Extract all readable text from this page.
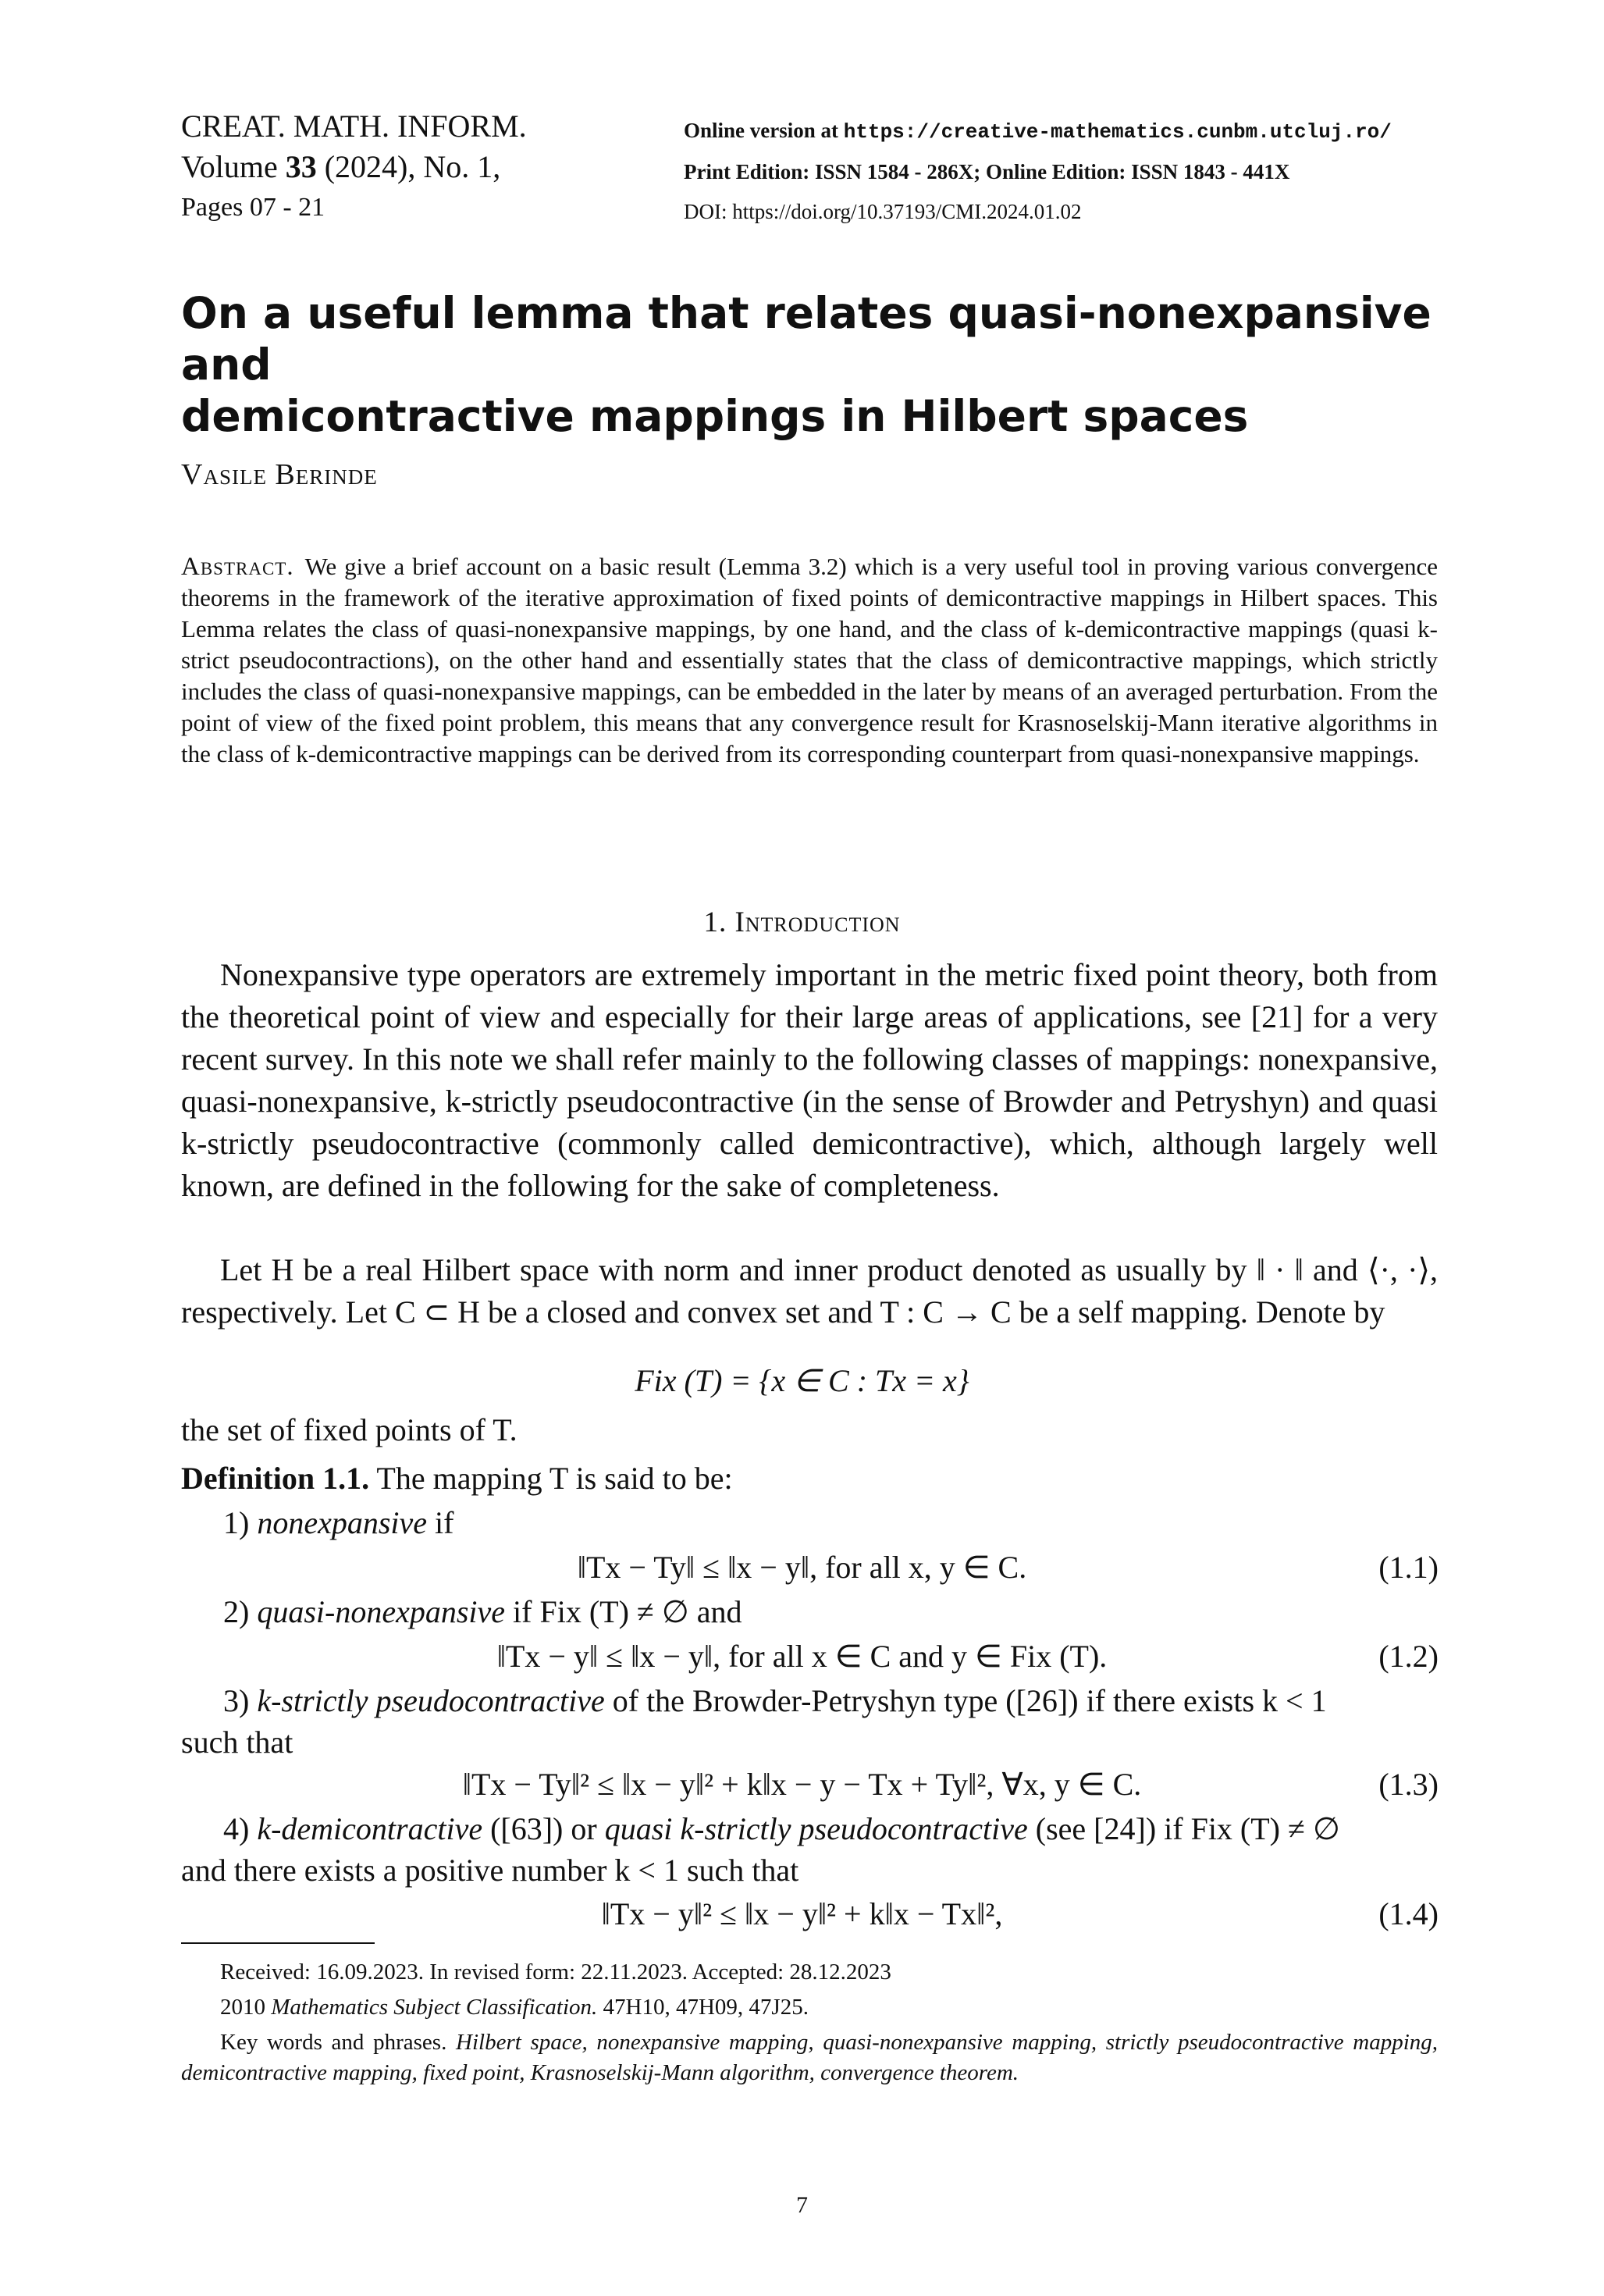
CREAT. MATH. INFORM.
Volume 33 (2024), No. 1,
Pages 07 - 21
Online version at https://creative-mathematics.cunbm.utcluj.ro/
Print Edition: ISSN 1584 - 286X; Online Edition: ISSN 1843 - 441X
DOI: https://doi.org/10.37193/CMI.2024.01.02
On a useful lemma that relates quasi-nonexpansive and
demicontractive mappings in Hilbert spaces
Vasile Berinde
Abstract. We give a brief account on a basic result (Lemma 3.2) which is a very useful tool in proving various convergence theorems in the framework of the iterative approximation of fixed points of demicontractive mappings in Hilbert spaces. This Lemma relates the class of quasi-nonexpansive mappings, by one hand, and the class of k-demicontractive mappings (quasi k-strict pseudocontractions), on the other hand and essentially states that the class of demicontractive mappings, which strictly includes the class of quasi-nonexpansive mappings, can be embedded in the later by means of an averaged perturbation. From the point of view of the fixed point problem, this means that any convergence result for Krasnoselskij-Mann iterative algorithms in the class of k-demicontractive mappings can be derived from its corresponding counterpart from quasi-nonexpansive mappings.
1. Introduction
Nonexpansive type operators are extremely important in the metric fixed point theory, both from the theoretical point of view and especially for their large areas of applications, see [21] for a very recent survey. In this note we shall refer mainly to the following classes of mappings: nonexpansive, quasi-nonexpansive, k-strictly pseudocontractive (in the sense of Browder and Petryshyn) and quasi k-strictly pseudocontractive (commonly called demicontractive), which, although largely well known, are defined in the following for the sake of completeness.
Let H be a real Hilbert space with norm and inner product denoted as usually by ‖ · ‖ and ⟨·, ·⟩, respectively. Let C ⊂ H be a closed and convex set and T : C → C be a self mapping. Denote by
Fix (T) = {x ∈ C : Tx = x}
the set of fixed points of T.
Definition 1.1. The mapping T is said to be:
1) nonexpansive if
‖Tx − Ty‖ ≤ ‖x − y‖, for all x, y ∈ C.	(1.1)
2) quasi-nonexpansive if Fix (T) ≠ ∅ and
‖Tx − y‖ ≤ ‖x − y‖, for all x ∈ C and y ∈ Fix (T).	(1.2)
3) k-strictly pseudocontractive of the Browder-Petryshyn type ([26]) if there exists k < 1
such that
‖Tx − Ty‖² ≤ ‖x − y‖² + k‖x − y − Tx + Ty‖², ∀x, y ∈ C.	(1.3)
4) k-demicontractive ([63]) or quasi k-strictly pseudocontractive (see [24]) if Fix (T) ≠ ∅
and there exists a positive number k < 1 such that
‖Tx − y‖² ≤ ‖x − y‖² + k‖x − Tx‖²,	(1.4)
Received: 16.09.2023. In revised form: 22.11.2023. Accepted: 28.12.2023
2010 Mathematics Subject Classification. 47H10, 47H09, 47J25.
Key words and phrases. Hilbert space, nonexpansive mapping, quasi-nonexpansive mapping, strictly pseudocontractive mapping, demicontractive mapping, fixed point, Krasnoselskij-Mann algorithm, convergence theorem.
7
